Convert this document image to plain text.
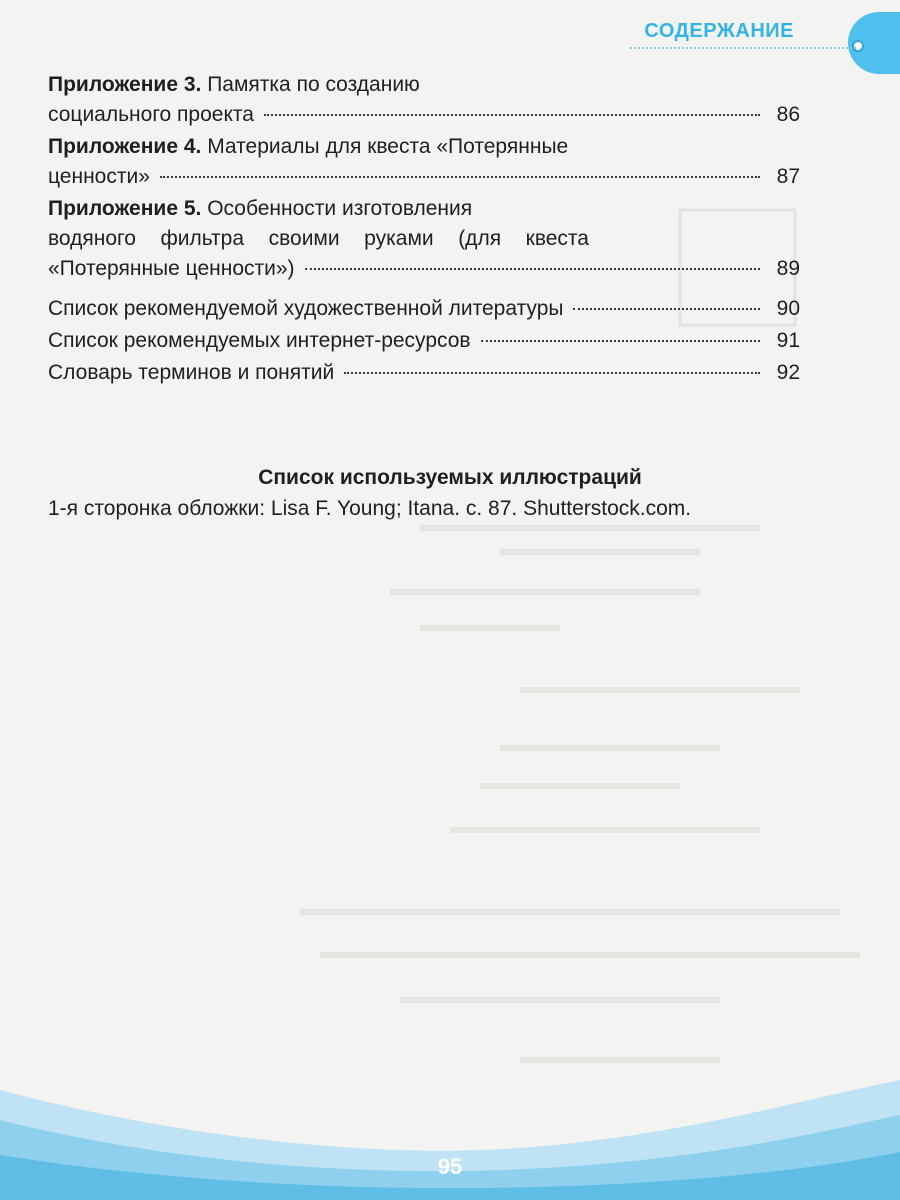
СОДЕРЖАНИЕ
Приложение 3. Памятка по созданию
социального проекта	86
Приложение 4. Материалы для квеста «Потерянные
ценности»	87
Приложение 5. Особенности изготовления
водяного фильтра своими руками (для квеста
«Потерянные ценности»)	89
Список рекомендуемой художественной литературы	90
Список рекомендуемых интернет-ресурсов	91
Словарь терминов и понятий	92
Список используемых иллюстраций
1-я сторонка обложки: Lisa F. Young; Itana. с. 87. Shutterstock.com.
95
